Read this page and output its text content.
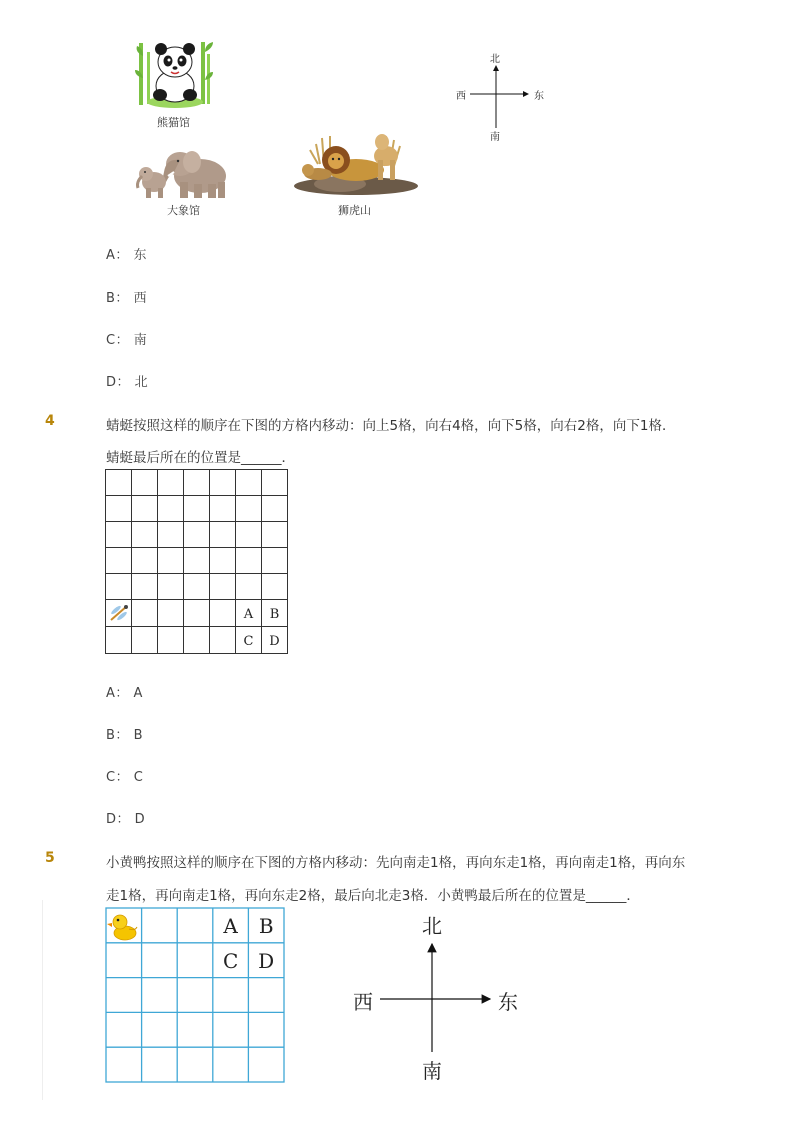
熊猫馆
北
南
西	东
大象馆	狮虎山
A： 东
B： 西
C： 南
D： 北
4	蜻蜓按照这样的顺序在下图的方格内移动：向上5格，向右4格，向下5格，向右2格，向下1格．
蜻蜓最后所在的位置是______．
A B
C D
A： A
B： B
C： C
D： D
5	小黄鸭按照这样的顺序在下图的方格内移动：先向南走1格，再向东走1格，再向南走1格，再向东
走1格，再向南走1格，再向东走2格，最后向北走3格．小黄鸭最后所在的位置是______．
A B
C D
北
南
西	东
